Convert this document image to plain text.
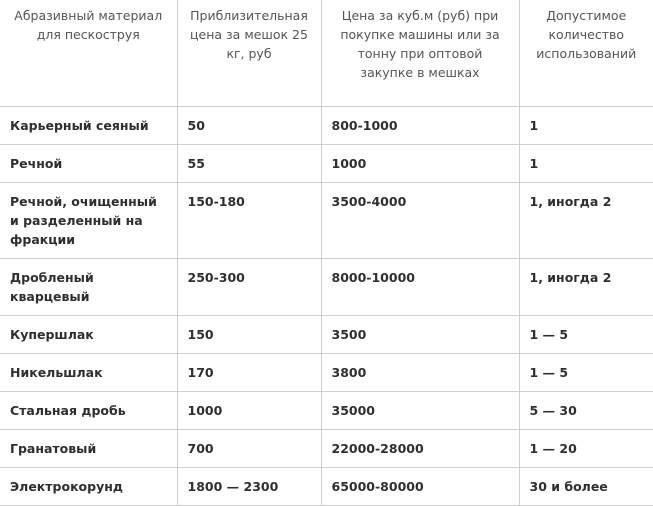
Абразивный материал для пескоструя	Приблизительная цена за мешок 25 кг, руб	Цена за куб.м (руб) при покупке машины или за тонну при оптовой закупке в мешках	Допустимое количество использований
Карьерный сеяный	50	800-1000	1
Речной	55	1000	1
Речной, очищенный и разделенный на фракции	150-180	3500-4000	1, иногда 2
Дробленый кварцевый	250-300	8000-10000	1, иногда 2
Купершлак	150	3500	1 — 5
Никельшлак	170	3800	1 — 5
Стальная дробь	1000	35000	5 — 30
Гранатовый	700	22000-28000	1 — 20
Электрокорунд	1800 — 2300	65000-80000	30 и более
